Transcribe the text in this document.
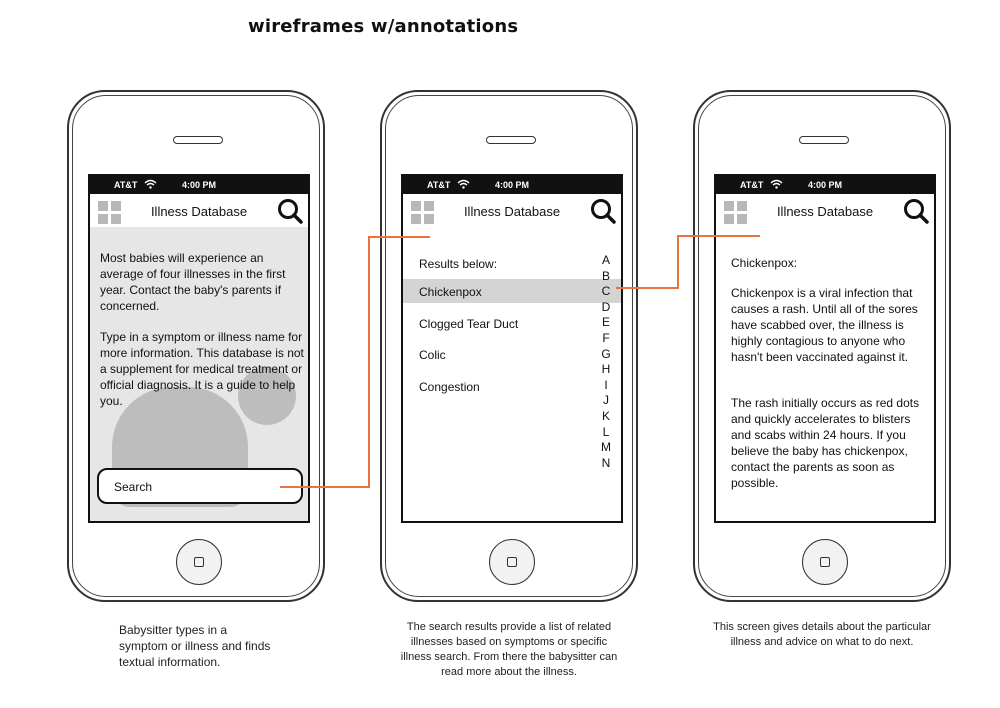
wireframes w/annotations
AT&T	4:00 PM
Illness Database
Most babies will experience an average of four illnesses in the first year. Contact the baby's parents if concerned.
Type in a symptom or illness name for more information. This database is not a supplement for medical treatment or official diagnosis. It is a guide to help you.
Search
AT&T	4:00 PM
Illness Database
Results below:
Chickenpox
Clogged Tear Duct
Colic
Congestion
A
B
C
D
E
F
G
H
I
J
K
L
M
N
AT&T	4:00 PM
Illness Database
Chickenpox:
Chickenpox is a viral infection that causes a rash. Until all of the sores have scabbed over, the illness is highly contagious to anyone who hasn't been vaccinated against it.
The rash initially occurs as red dots and quickly accelerates to blisters and scabs within 24 hours. If you believe the baby has chickenpox, contact the parents as soon as possible.
Babysitter types in a symptom or illness and finds textual information.
The search results provide a list of related illnesses based on symptoms or specific illness search. From there the babysitter can read more about the illness.
This screen gives details about the particular illness and advice on what to do next.
